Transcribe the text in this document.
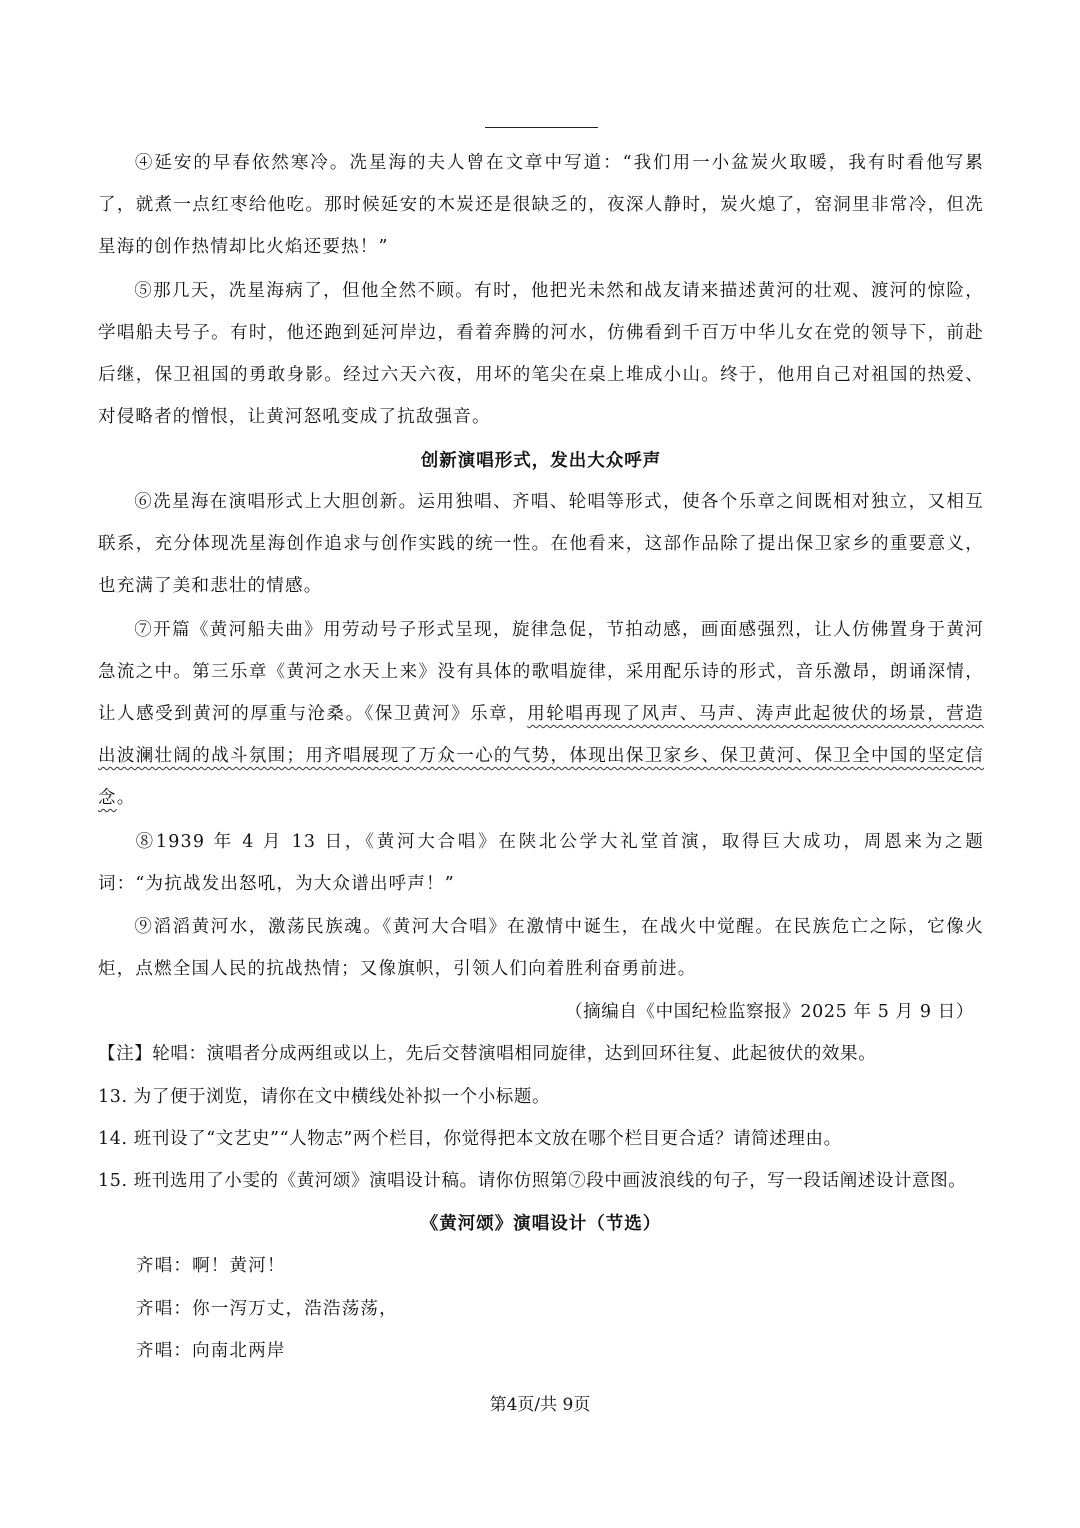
④延安的早春依然寒冷。冼星海的夫人曾在文章中写道：“我们用一小盆炭火取暖，我有时看他写累了，就煮一点红枣给他吃。那时候延安的木炭还是很缺乏的，夜深人静时，炭火熄了，窑洞里非常冷，但冼星海的创作热情却比火焰还要热！”

⑤那几天，冼星海病了，但他全然不顾。有时，他把光未然和战友请来描述黄河的壮观、渡河的惊险，学唱船夫号子。有时，他还跑到延河岸边，看着奔腾的河水，仿佛看到千百万中华儿女在党的领导下，前赴后继，保卫祖国的勇敢身影。经过六天六夜，用坏的笔尖在桌上堆成小山。终于，他用自己对祖国的热爱、对侵略者的憎恨，让黄河怒吼变成了抗敌强音。

创新演唱形式，发出大众呼声

⑥冼星海在演唱形式上大胆创新。运用独唱、齐唱、轮唱等形式，使各个乐章之间既相对独立，又相互联系，充分体现冼星海创作追求与创作实践的统一性。在他看来，这部作品除了提出保卫家乡的重要意义，也充满了美和悲壮的情感。

⑦开篇《黄河船夫曲》用劳动号子形式呈现，旋律急促，节拍动感，画面感强烈，让人仿佛置身于黄河急流之中。第三乐章《黄河之水天上来》没有具体的歌唱旋律，采用配乐诗的形式，音乐激昂，朗诵深情，让人感受到黄河的厚重与沧桑。《保卫黄河》乐章，用轮唱再现了风声、马声、涛声此起彼伏的场景，营造出波澜壮阔的战斗氛围；用齐唱展现了万众一心的气势，体现出保卫家乡、保卫黄河、保卫全中国的坚定信念。

⑧1939 年 4 月 13 日，《黄河大合唱》在陕北公学大礼堂首演，取得巨大成功，周恩来为之题词：“为抗战发出怒吼，为大众谱出呼声！”

⑨滔滔黄河水，激荡民族魂。《黄河大合唱》在激情中诞生，在战火中觉醒。在民族危亡之际，它像火炬，点燃全国人民的抗战热情；又像旗帜，引领人们向着胜利奋勇前进。

（摘编自《中国纪检监察报》2025 年 5 月 9 日）
【注】轮唱：演唱者分成两组或以上，先后交替演唱相同旋律，达到回环往复、此起彼伏的效果。
13. 为了便于浏览，请你在文中横线处补拟一个小标题。
14. 班刊设了“文艺史”“人物志”两个栏目，你觉得把本文放在哪个栏目更合适？请简述理由。
15. 班刊选用了小雯的《黄河颂》演唱设计稿。请你仿照第⑦段中画波浪线的句子，写一段话阐述设计意图。
《黄河颂》演唱设计（节选）
齐唱：啊！黄河！
齐唱：你一泻万丈，浩浩荡荡，
齐唱：向南北两岸
第4页/共 9页
